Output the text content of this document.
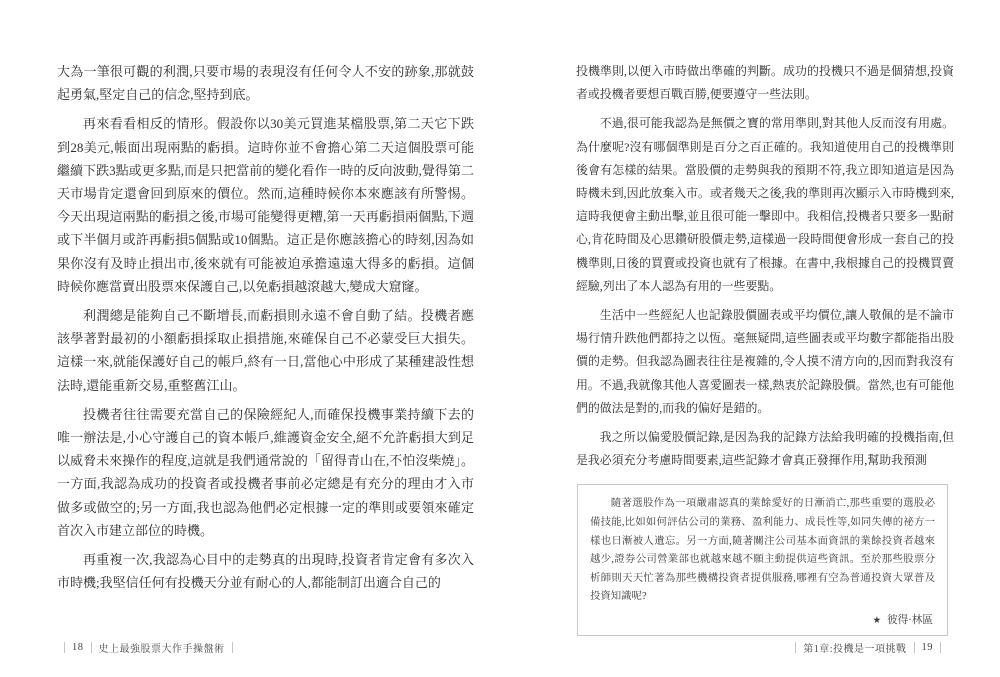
大為一筆很可觀的利潤,只要市場的表現沒有任何令人不安的跡象,那就鼓起勇氣,堅定自己的信念,堅持到底。

再來看看相反的情形。假設你以30美元買進某檔股票,第二天它下跌到28美元,帳面出現兩點的虧損。這時你並不會擔心第二天這個股票可能繼續下跌3點或更多點,而是只把當前的變化看作一時的反向波動,覺得第二天市場肯定還會回到原來的價位。然而,這種時候你本來應該有所警惕。今天出現這兩點的虧損之後,市場可能變得更糟,第一天再虧損兩個點,下週或下半個月或許再虧損5個點或10個點。這正是你應該擔心的時刻,因為如果你沒有及時止損出市,後來就有可能被迫承擔遠遠大得多的虧損。這個時候你應當賣出股票來保護自己,以免虧損越滾越大,變成大窟窿。

利潤總是能夠自己不斷增長,而虧損則永遠不會自動了結。投機者應該學著對最初的小額虧損採取止損措施,來確保自己不必蒙受巨大損失。這樣一來,就能保護好自己的帳戶,終有一日,當他心中形成了某種建設性想法時,還能重新交易,重整舊江山。

投機者往往需要充當自己的保險經紀人,而確保投機事業持續下去的唯一辦法是,小心守護自己的資本帳戶,維護資金安全,絕不允許虧損大到足以威脅未來操作的程度,這就是我們通常說的「留得青山在,不怕沒柴燒」。一方面,我認為成功的投資者或投機者事前必定總是有充分的理由才入市做多或做空的;另一方面,我也認為他們必定根據一定的準則或要領來確定首次入市建立部位的時機。

再重複一次,我認為心目中的走勢真的出現時,投資者肯定會有多次入市時機;我堅信任何有投機天分並有耐心的人,都能制訂出適合自己的

投機準則,以便入市時做出準確的判斷。成功的投機只不過是個猜想,投資者或投機者要想百戰百勝,便要遵守一些法則。

不過,很可能我認為是無價之寶的常用準則,對其他人反而沒有用處。為什麼呢?沒有哪個準則是百分之百正確的。我知道使用自己的投機準則後會有怎樣的結果。當股價的走勢與我的預期不符,我立即知道這是因為時機未到,因此放棄入市。或者幾天之後,我的準則再次顯示入市時機到來,這時我便會主動出擊,並且很可能一擊即中。我相信,投機者只要多一點耐心,肯花時間及心思鑽研股價走勢,這樣過一段時間便會形成一套自己的投機準則,日後的買賣或投資也就有了根據。在書中,我根據自己的投機買賣經驗,列出了本人認為有用的一些要點。

生活中一些經紀人也記錄股價圖表或平均價位,讓人敬佩的是不論市場行情升跌他們都持之以恆。毫無疑問,這些圖表或平均數字都能指出股價的走勢。但我認為圖表往往是複雜的,令人摸不清方向的,因而對我沒有用。不過,我就像其他人喜愛圖表一樣,熱衷於記錄股價。當然,也有可能他們的做法是對的,而我的偏好是錯的。

我之所以偏愛股價記錄,是因為我的記錄方法給我明確的投機指南,但是我必須充分考慮時間要素,這些記錄才會真正發揮作用,幫助我預測

隨著選股作為一項嚴肅認真的業餘愛好的日漸消亡,那些重要的選股必備技能,比如如何評估公司的業務、盈利能力、成長性等,如同失傳的祕方一樣也日漸被人遺忘。另一方面,隨著關注公司基本面資訊的業餘投資者越來越少,證券公司營業部也就越來越不願主動提供這些資訊。至於那些股票分析師則天天忙著為那些機構投資者提供服務,哪裡有空為普通投資大眾普及投資知識呢?

★ 彼得·林區

18 史上最強股票大作手操盤術	第1章:投機是一項挑戰 19
